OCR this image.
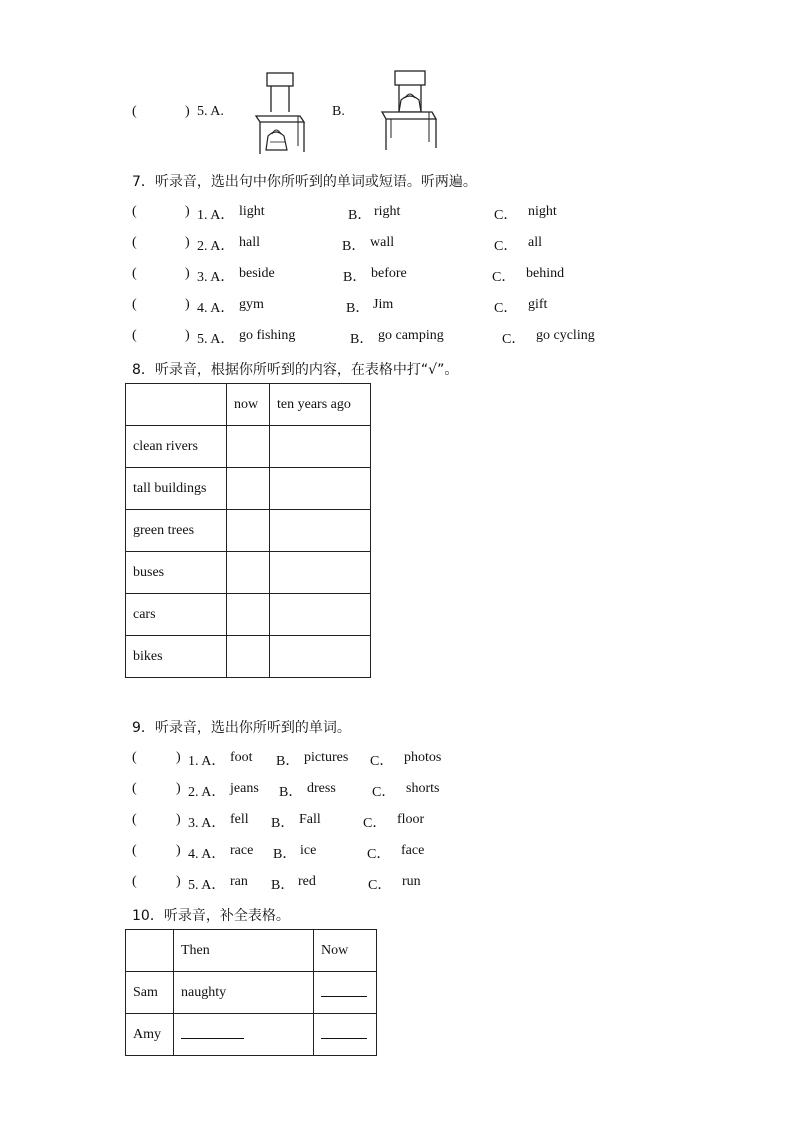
(	) 5. A.	B.
7．听录音，选出句中你所听到的单词或短语。听两遍。
(	) 1. A． light	B． right	C． night
(	) 2. A． hall	B． wall	C． all
(	) 3. A． beside	B． before	C． behind
(	) 4. A． gym	B． Jim	C． gift
(	) 5. A． go fishing	B． go camping	C． go cycling
8．听录音，根据你所听到的内容，在表格中打“√”。
	now	ten years ago
clean rivers		
tall buildings		
green trees		
buses		
cars		
bikes		
9．听录音，选出你所听到的单词。
(	) 1. A． foot B． pictures C． photos
(	) 2. A． jeans B． dress	C． shorts
(	) 3. A． fell B． Fall	C． floor
(	) 4. A． race B． ice	C． face
(	) 5. A． ran B． red	C． run
10．听录音，补全表格。
	Then	Now
Sam	naughty	
Amy		
